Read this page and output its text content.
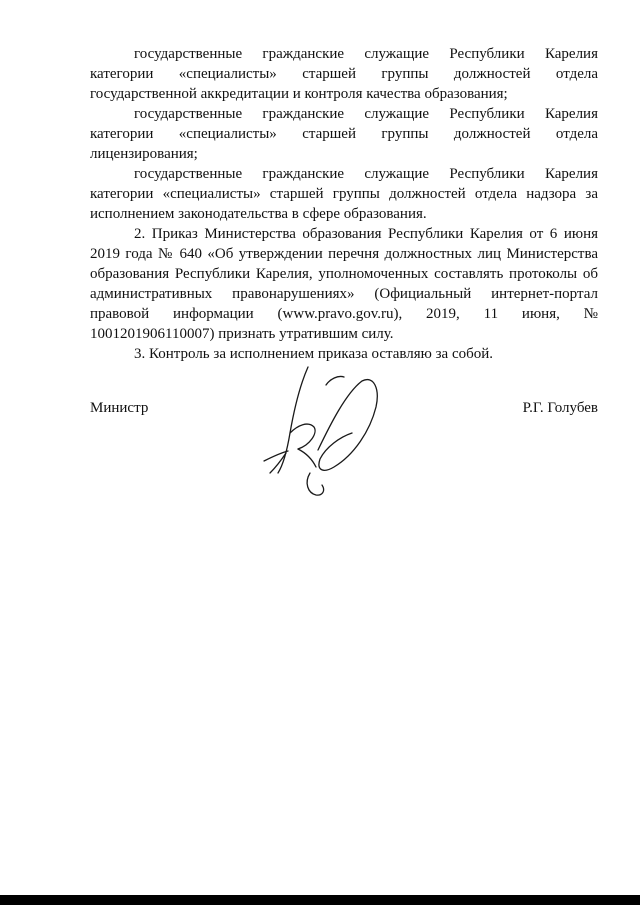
государственные гражданские служащие Республики Карелия категории «специалисты» старшей группы должностей отдела государственной аккредитации и контроля качества образования;

государственные гражданские служащие Республики Карелия категории «специалисты» старшей группы должностей отдела лицензирования;

государственные гражданские служащие Республики Карелия категории «специалисты» старшей группы должностей отдела надзора за исполнением законодательства в сфере образования.

2. Приказ Министерства образования Республики Карелия от 6 июня 2019 года № 640 «Об утверждении перечня должностных лиц Министерства образования Республики Карелия, уполномоченных составлять протоколы об административных правонарушениях» (Официальный интернет-портал правовой информации (www.pravo.gov.ru), 2019, 11 июня, № 1001201906110007) признать утратившим силу.

3. Контроль за исполнением приказа оставляю за собой.

Министр	Р.Г. Голубев
